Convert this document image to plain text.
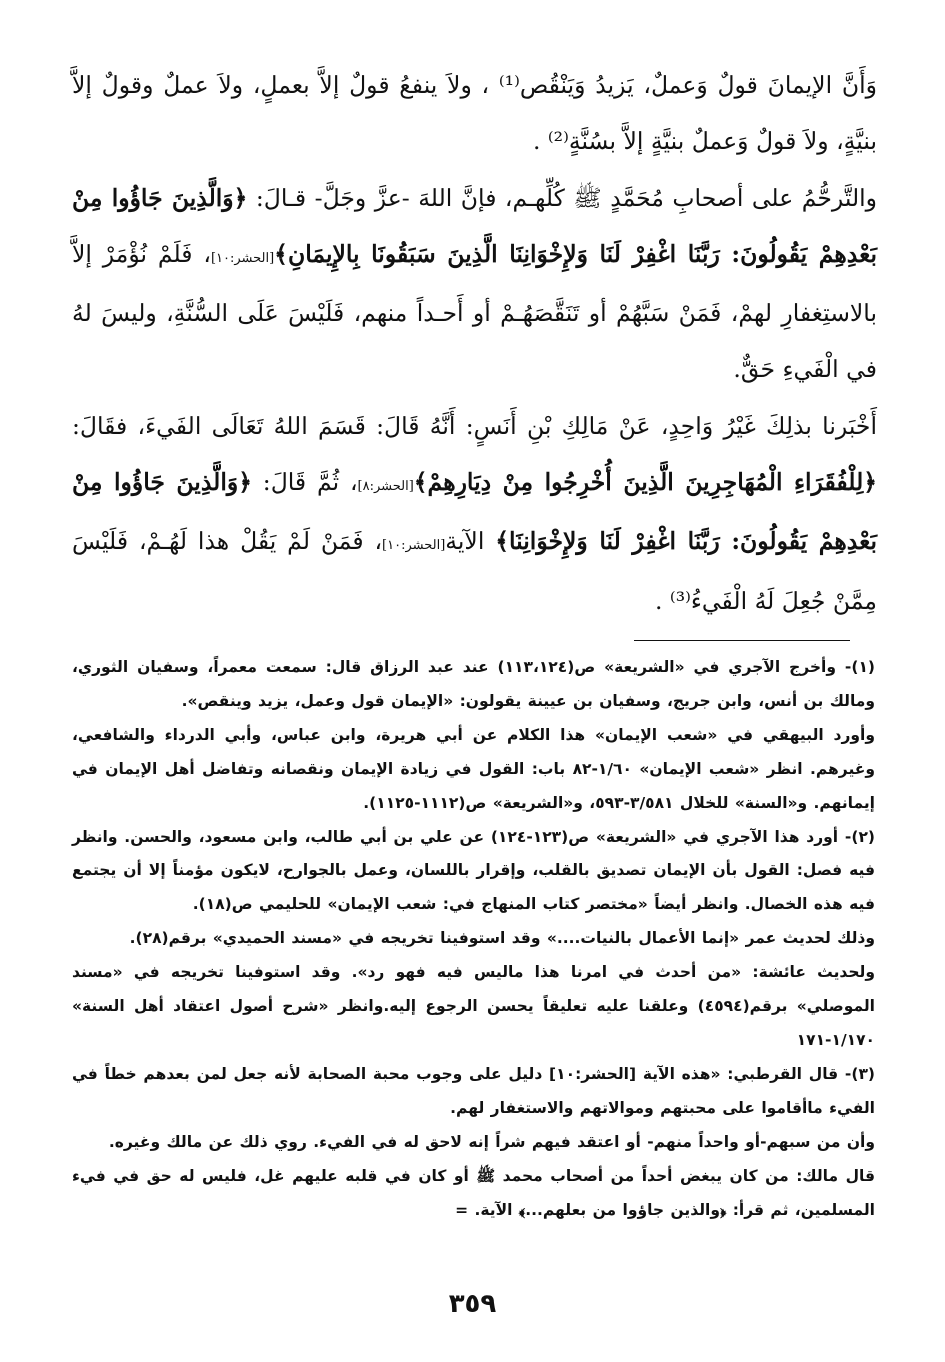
وَأَنَّ الإيمانَ قولٌ وَعملٌ، يَزيدُ وَيَنْقُص⁽¹⁾ ، ولاَ ينفعُ قولٌ إلاَّ بعملٍ، ولاَ عملٌ وقولٌ إلاَّ بنيَّةٍ، ولاَ قولٌ وَعملٌ بنيَّةٍ إلاَّ بسُنَّةٍ⁽²⁾ .

والتَّرحُّمُ على أصحابِ مُحَمَّدٍ ﷺ كُلِّهـم، فإنَّ اللهَ -عزَّ وجَلَّ- قـالَ: ﴿وَالَّذِينَ جَاؤُوا مِنْ بَعْدِهِمْ يَقُولُونَ: رَبَّنَا اغْفِرْ لَنَا وَلإِخْوَانِنَا الَّذِينَ سَبَقُونَا بِالإِيمَانِ﴾[الحشر:١٠]، فَلَمْ نُؤْمَرْ إلاَّ بالاستِغفارِ لهمْ، فَمَنْ سَبَّهُمْ أو تَنَقَّصَهُـمْ أو أَحـداً منهم، فَلَيْسَ عَلَى السُّنَّةِ، وليسَ لهُ في الْفَيءِ حَقٌّ.

أَخْبَرنا بذلِكَ غَيْرُ وَاحِدٍ، عَنْ مَالِكِ بْنِ أَنَسٍ: أَنَّهُ قَالَ: قَسَمَ اللهُ تَعَالَى الفَيءَ، فقَالَ: ﴿لِلْفُقَرَاءِ الْمُهَاجِرِينَ الَّذِينَ أُخْرِجُوا مِنْ دِيَارِهِمْ﴾[الحشر:٨]، ثُمَّ قَالَ: ﴿وَالَّذِينَ جَاؤُوا مِنْ بَعْدِهِمْ يَقُولُونَ: رَبَّنَا اغْفِرْ لَنَا وَلإِخْوَانِنَا﴾ الآية[الحشر:١٠]، فَمَنْ لَمْ يَقُلْ هذا لَهُـمْ، فَلَيْسَ مِمَّنْ جُعِلَ لَهُ الْفَيءُ⁽³⁾ .

(١)- وأخرج الآجري في «الشريعة» ص(١١٣،١٢٤) عند عبد الرزاق قال: سمعت معمراً، وسفيان الثوري، ومالك بن أنس، وابن جريج، وسفيان بن عيينة يقولون: «الإيمان قول وعمل، يزيد وينقص».

وأورد البيهقي في «شعب الإيمان» هذا الكلام عن أبي هريرة، وابن عباس، وأبي الدرداء والشافعي، وغيرهم. انظر «شعب الإيمان» ١/٦٠-٨٢ باب: القول في زيادة الإيمان ونقصانه وتفاضل أهل الإيمان في إيمانهم. و«السنة» للخلال ٣/٥٨١-٥٩٣، و«الشريعة» ص(١١١٢-١١٢٥).

(٢)- أورد هذا الآجري في «الشريعة» ص(١٢٣-١٢٤) عن علي بن أبي طالب، وابن مسعود، والحسن. وانظر فيه فصل: القول بأن الإيمان تصديق بالقلب، وإقرار باللسان، وعمل بالجوارح، لايكون مؤمناً إلا أن يجتمع فيه هذه الخصال. وانظر أيضاً «مختصر كتاب المنهاج في: شعب الإيمان» للحليمي ص(١٨).

وذلك لحديث عمر «إنما الأعمال بالنيات....» وقد استوفينا تخريجه في «مسند الحميدي» برقم(٢٨).

ولحديث عائشة: «من أحدث في امرنا هذا ماليس فيه فهو رد». وقد استوفينا تخريجه في «مسند الموصلي» برقم(٤٥٩٤) وعلقنا عليه تعليقاً يحسن الرجوع إليه.وانظر «شرح أصول اعتقاد أهل السنة» ١/١٧٠-١٧١

(٣)- قال القرطبي: «هذه الآية [الحشر:١٠] دليل على وجوب محبة الصحابة لأنه جعل لمن بعدهم خطاً في الفيء ماأقاموا على محبتهم وموالاتهم والاستغفار لهم.

وأن من سبهم-أو واحداً منهم- أو اعتقد فيهم شراً إنه لاحق له في الفيء. روي ذلك عن مالك وغيره.

قال مالك: من كان يبغض أحداً من أصحاب محمد ﷺ أو كان في قلبه عليهم غل، فليس له حق في فيء المسلمين، ثم قرأ: ﴿والذين جاؤوا من بعلهم...﴾ الآية. =

٣٥٩
